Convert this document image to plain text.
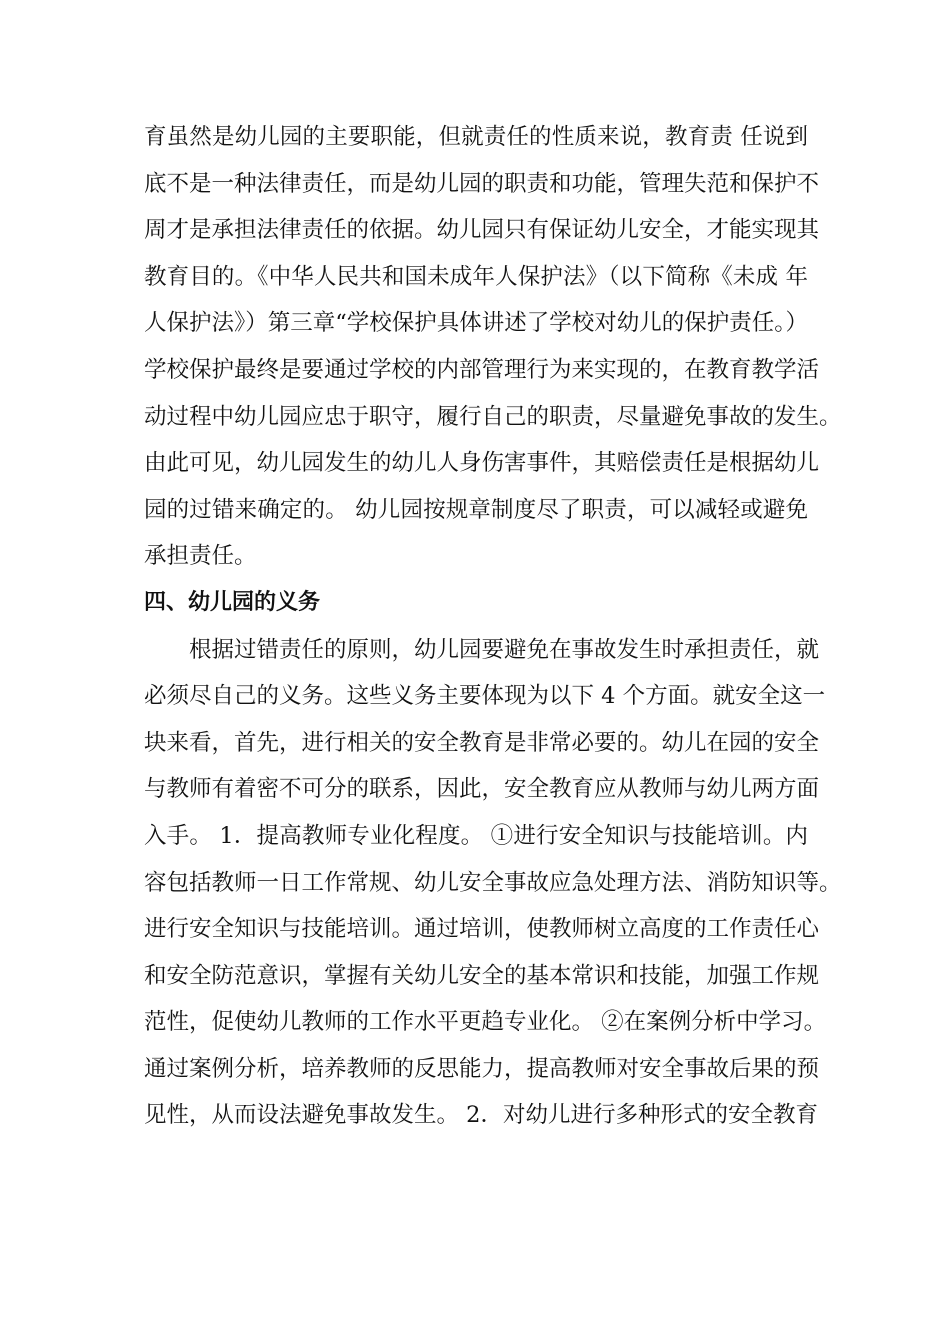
育虽然是幼儿园的主要职能，但就责任的性质来说，教育责 任说到
底不是一种法律责任，而是幼儿园的职责和功能，管理失范和保护不
周才是承担法律责任的依据。幼儿园只有保证幼儿安全，才能实现其
教育目的。《中华人民共和国未成年人保护法》（以下简称《未成 年
人保护法》）第三章“学校保护具体讲述了学校对幼儿的保护责任。）
学校保护最终是要通过学校的内部管理行为来实现的，在教育教学活
动过程中幼儿园应忠于职守，履行自己的职责，尽量避免事故的发生。
由此可见，幼儿园发生的幼儿人身伤害事件，其赔偿责任是根据幼儿
园的过错来确定的。 幼儿园按规章制度尽了职责，可以减轻或避免
承担责任。
四、幼儿园的义务
　　根据过错责任的原则，幼儿园要避免在事故发生时承担责任，就
必须尽自己的义务。这些义务主要体现为以下 4 个方面。就安全这一
块来看，首先，进行相关的安全教育是非常必要的。幼儿在园的安全
与教师有着密不可分的联系，因此，安全教育应从教师与幼儿两方面
入手。 1．提高教师专业化程度。 ①进行安全知识与技能培训。内
容包括教师一日工作常规、幼儿安全事故应急处理方法、消防知识等。
进行安全知识与技能培训。通过培训，使教师树立高度的工作责任心
和安全防范意识，掌握有关幼儿安全的基本常识和技能，加强工作规
范性，促使幼儿教师的工作水平更趋专业化。 ②在案例分析中学习。
通过案例分析，培养教师的反思能力，提高教师对安全事故后果的预
见性，从而设法避免事故发生。 2．对幼儿进行多种形式的安全教育
